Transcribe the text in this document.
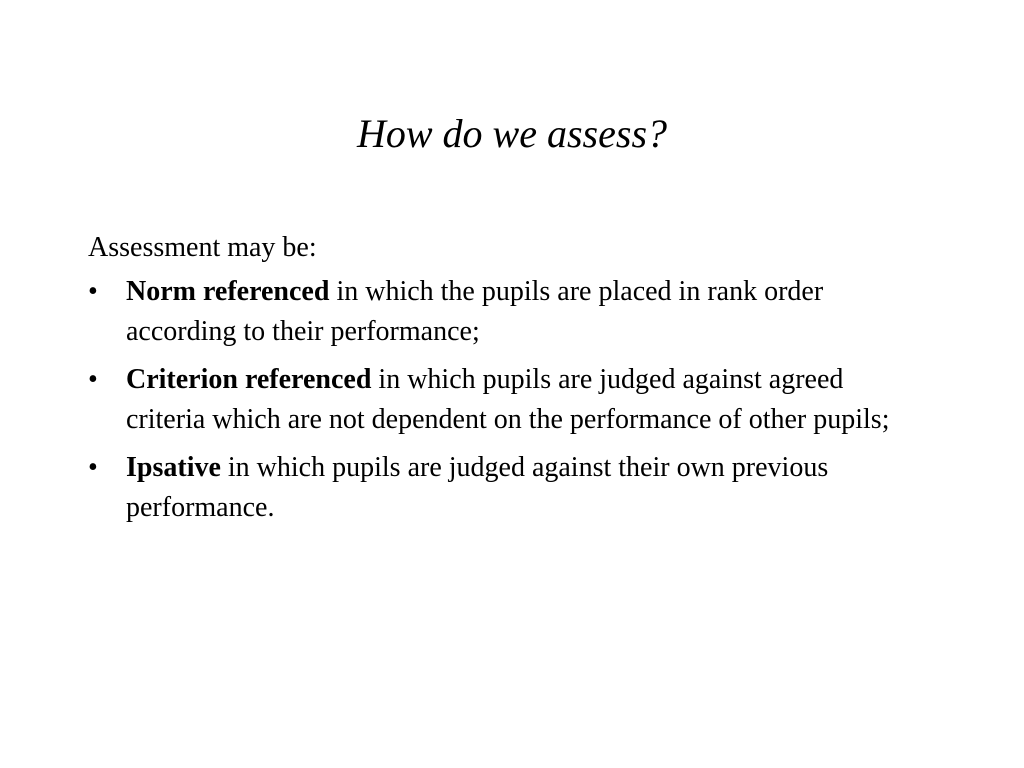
How do we assess?

Assessment may be:

•	Norm referenced in which the pupils are placed in rank order according to their performance;
•	Criterion referenced in which pupils are judged against agreed criteria which are not dependent on the performance of other pupils;
•	Ipsative in which pupils are judged against their own previous performance.
